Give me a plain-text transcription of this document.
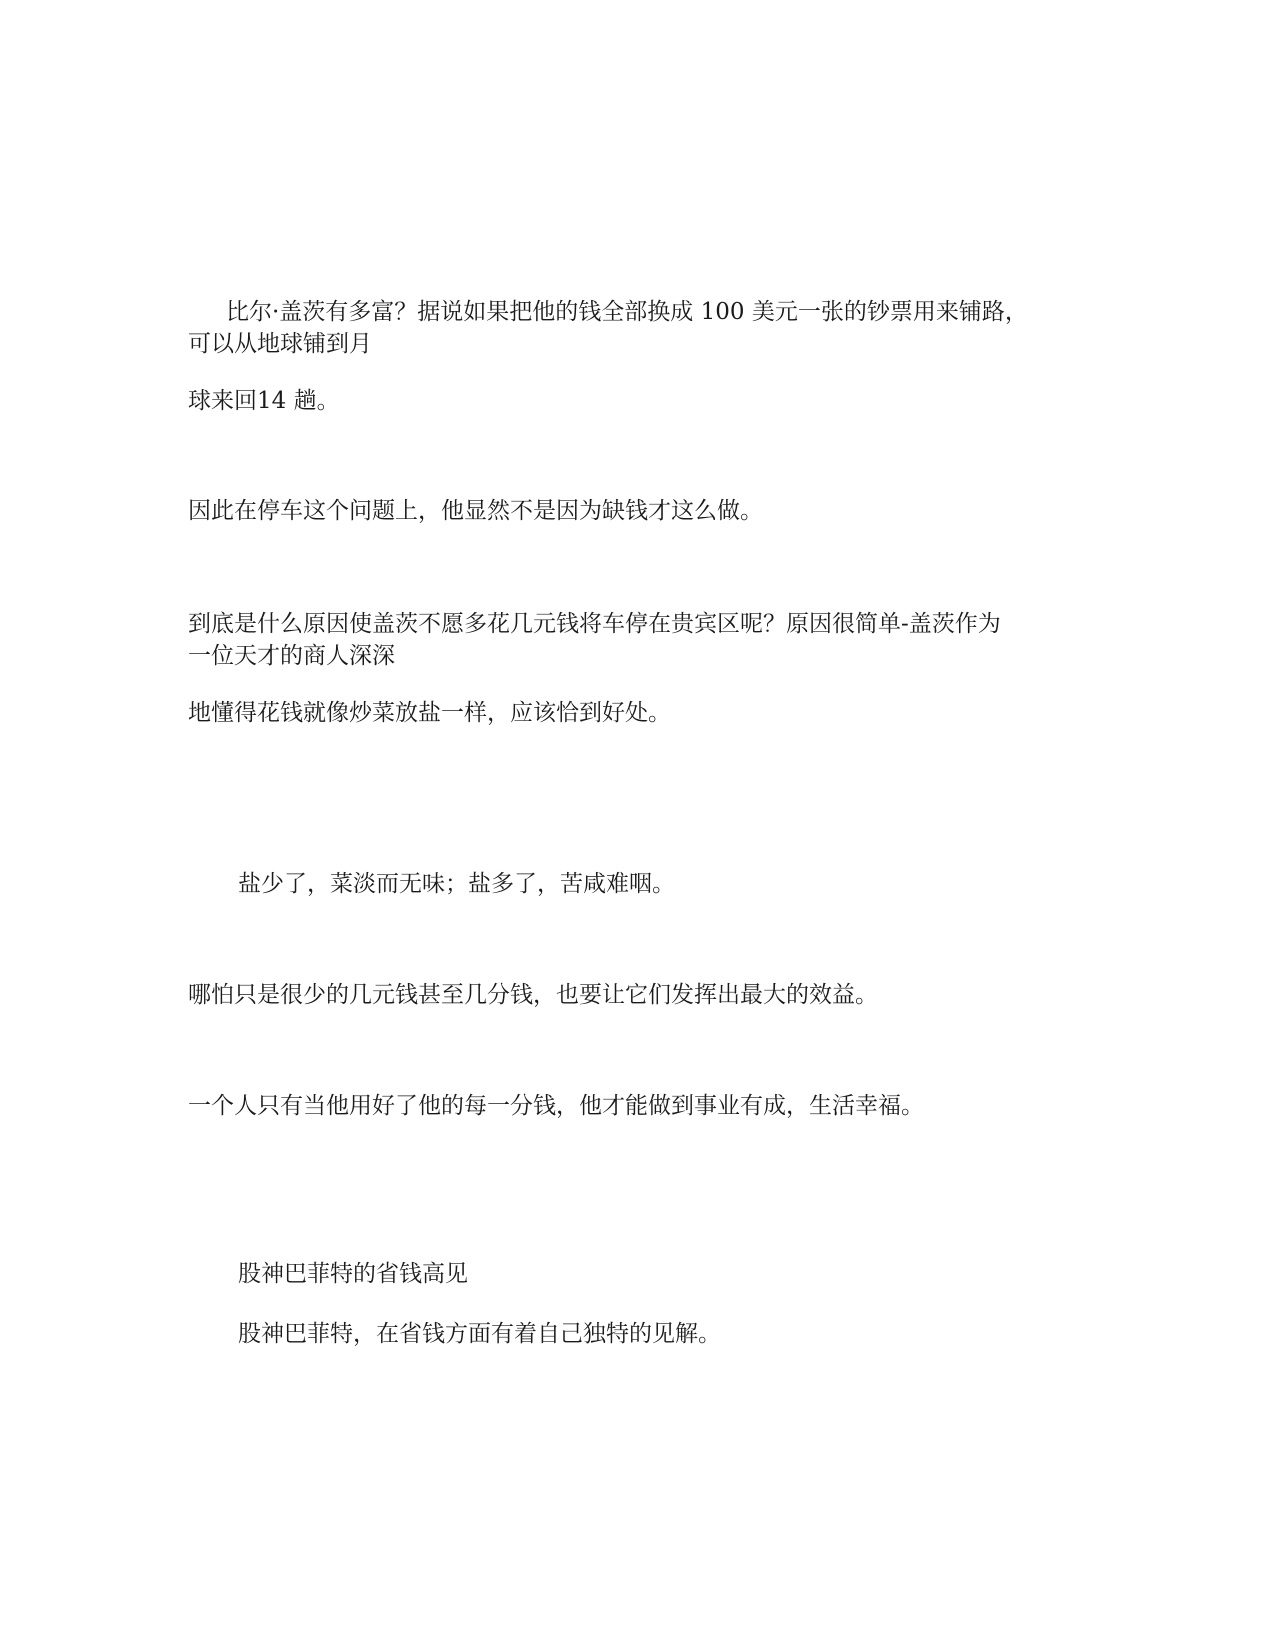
比尔·盖茨有多富？据说如果把他的钱全部换成 100 美元一张的钞票用来铺路，

可以从地球铺到月

球来回14 趟。

因此在停车这个问题上，他显然不是因为缺钱才这么做。

到底是什么原因使盖茨不愿多花几元钱将车停在贵宾区呢？原因很简单-盖茨作为

一位天才的商人深深

地懂得花钱就像炒菜放盐一样，应该恰到好处。

盐少了，菜淡而无味；盐多了，苦咸难咽。

哪怕只是很少的几元钱甚至几分钱，也要让它们发挥出最大的效益。

一个人只有当他用好了他的每一分钱，他才能做到事业有成，生活幸福。

股神巴菲特的省钱高见

股神巴菲特，在省钱方面有着自己独特的见解。
